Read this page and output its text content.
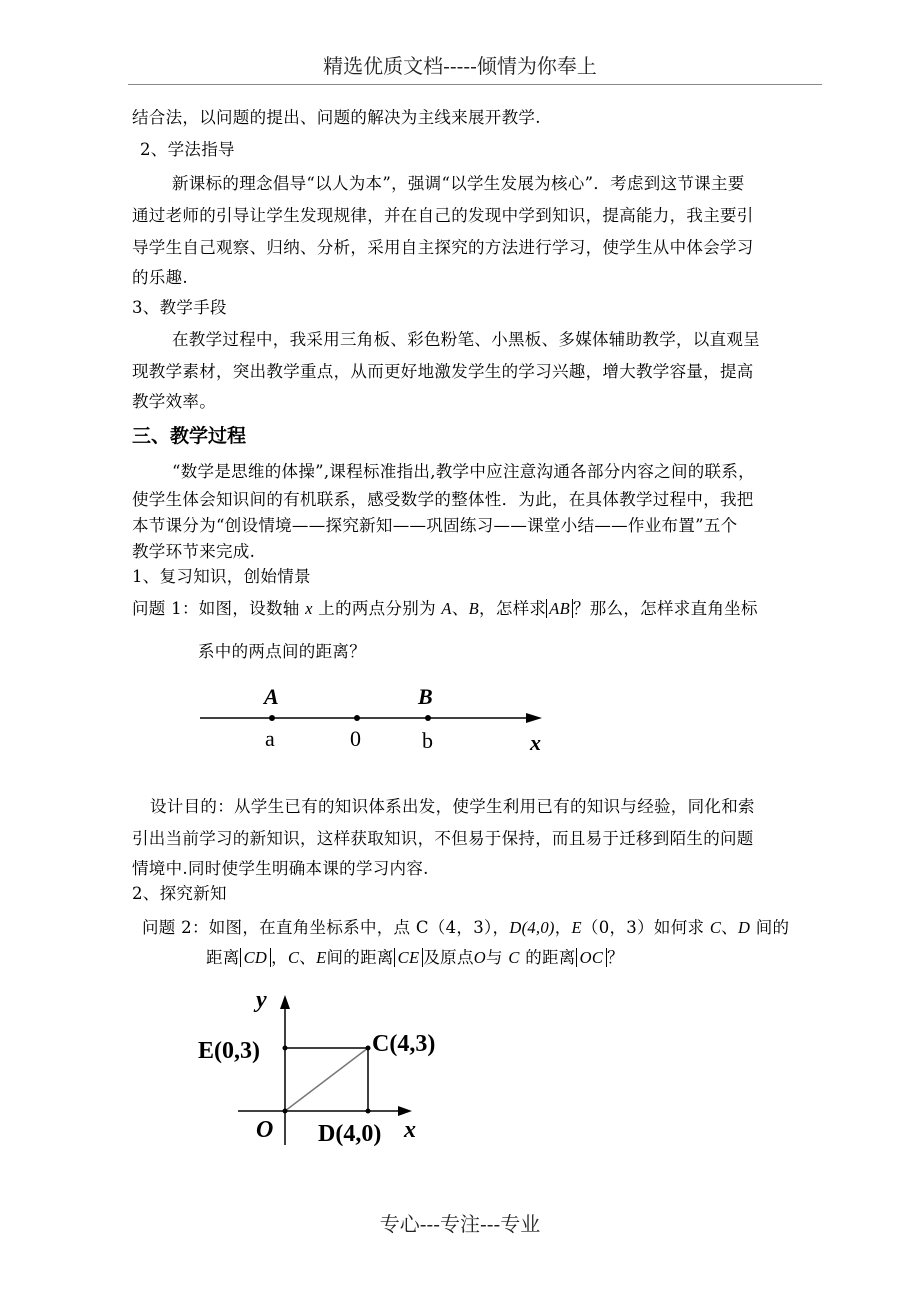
精选优质文档-----倾情为你奉上
结合法，以问题的提出、问题的解决为主线来展开教学.
2、学法指导
新课标的理念倡导“以人为本”，强调“以学生发展为核心”．考虑到这节课主要
通过老师的引导让学生发现规律，并在自己的发现中学到知识，提高能力，我主要引
导学生自己观察、归纳、分析，采用自主探究的方法进行学习，使学生从中体会学习
的乐趣.
3、教学手段
在教学过程中，我采用三角板、彩色粉笔、小黑板、多媒体辅助教学，以直观呈
现教学素材，突出教学重点，从而更好地激发学生的学习兴趣，增大教学容量，提高
教学效率。
三、教学过程
“数学是思维的体操”,课程标准指出,教学中应注意沟通各部分内容之间的联系，
使学生体会知识间的有机联系，感受数学的整体性．为此，在具体教学过程中，我把
本节课分为“创设情境——探究新知——巩固练习——课堂小结——作业布置”五个
教学环节来完成.
1、复习知识，创始情景
问题 1：如图，设数轴 x 上的两点分别为 A、B，怎样求 AB ？那么，怎样求直角坐标
系中的两点间的距离？
A	B
a	0	b	x
设计目的：从学生已有的知识体系出发，使学生利用已有的知识与经验，同化和索
引出当前学习的新知识，这样获取知识，不但易于保持，而且易于迁移到陌生的问题
情境中.同时使学生明确本课的学习内容.
2、探究新知
问题 2：如图，在直角坐标系中，点 C（4，3），D(4,0)，E（0，3）如何求 C、D 间的
距离 CD ，C、E间的距离 CE 及原点O与 C 的距离 OC ？
y
x
O
E(0,3)	C(4,3)
D(4,0)
专心---专注---专业
